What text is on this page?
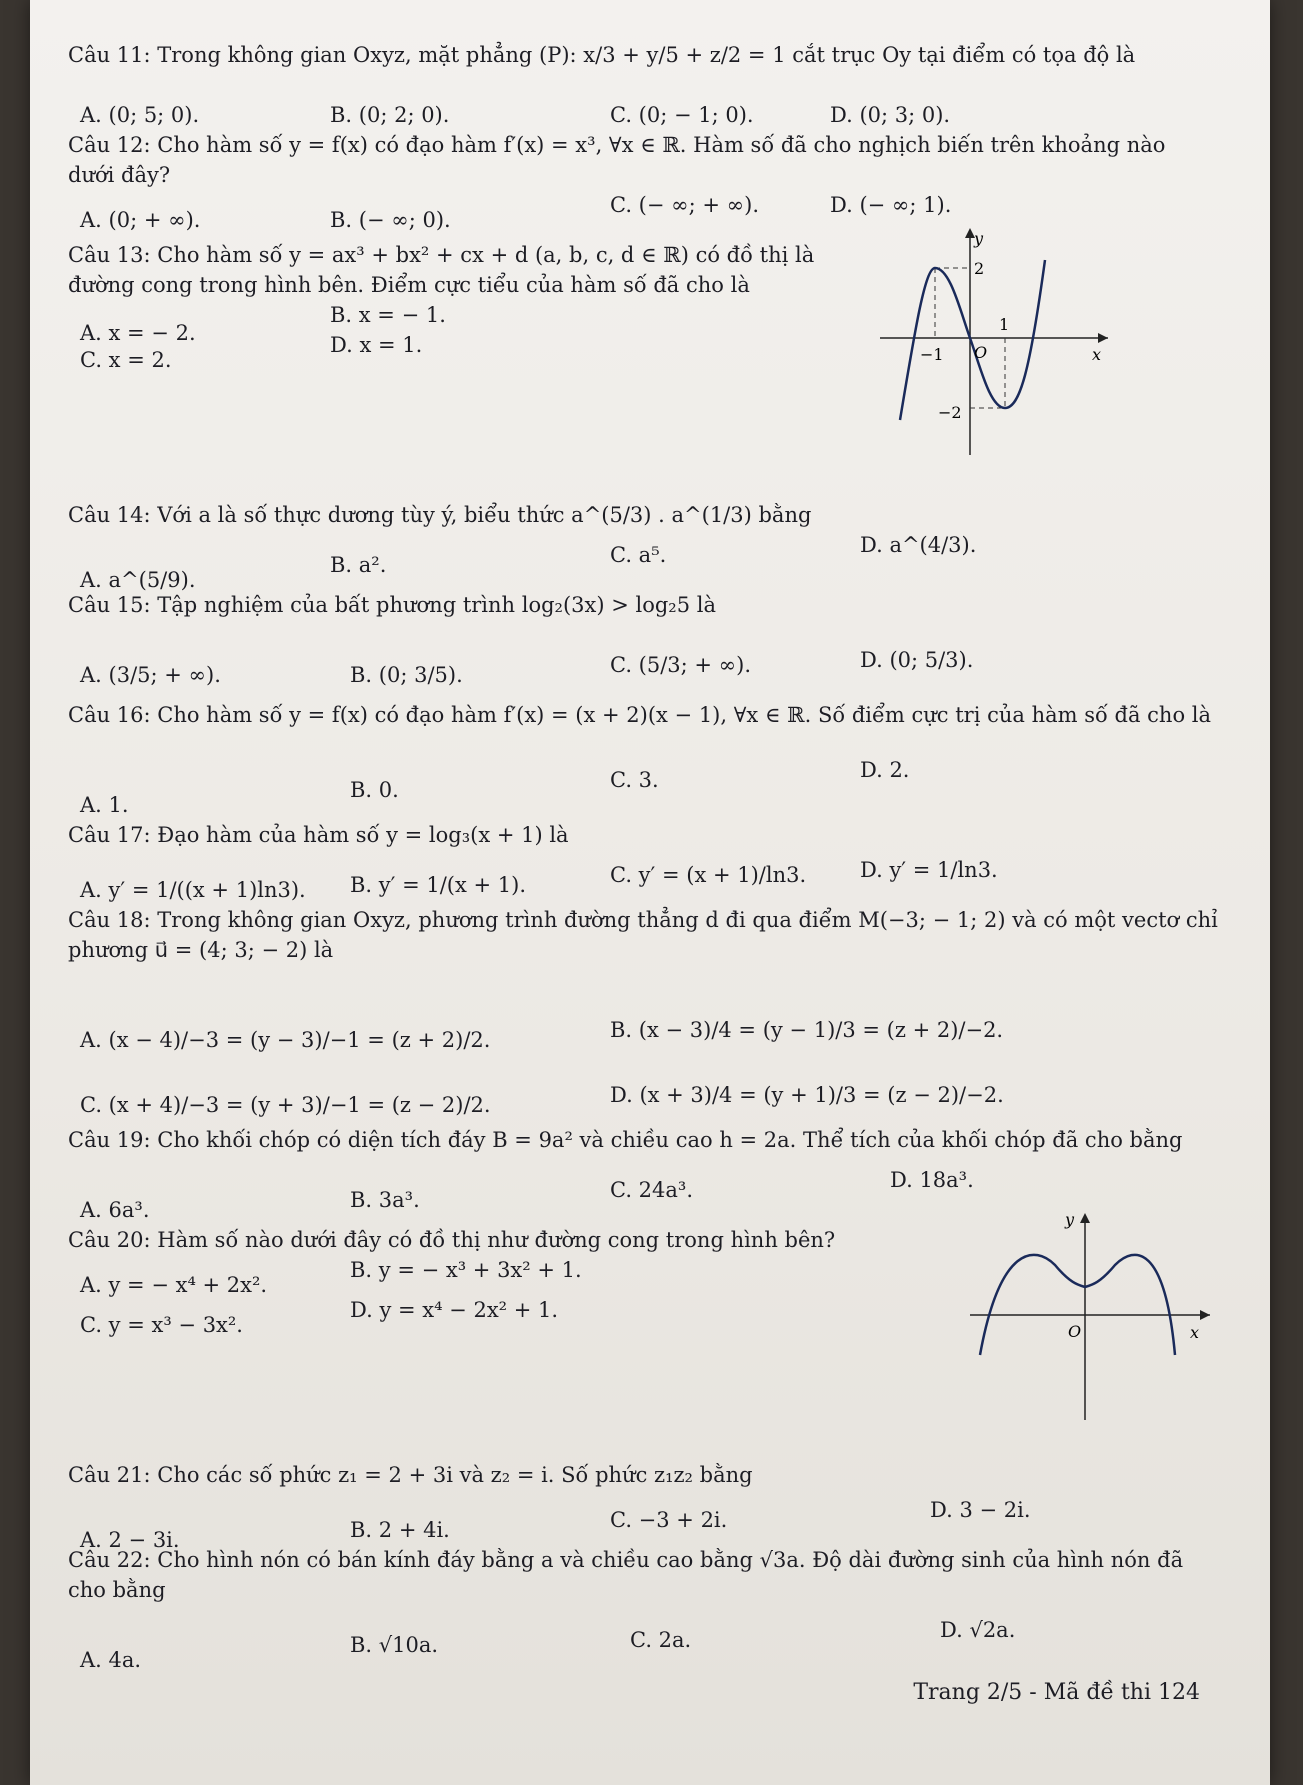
Câu 11: Trong không gian Oxyz, mặt phẳng (P): x/3 + y/5 + z/2 = 1 cắt trục Oy tại điểm có tọa độ là
A. (0; 5; 0).	B. (0; 2; 0).	C. (0; − 1; 0).	D. (0; 3; 0).
Câu 12: Cho hàm số y = f(x) có đạo hàm f′(x) = x³, ∀x ∈ ℝ. Hàm số đã cho nghịch biến trên khoảng nào dưới đây?
A. (0; + ∞).	B. (− ∞; 0).
C. (− ∞; + ∞).	D. (− ∞; 1).
Câu 13: Cho hàm số y = ax³ + bx² + cx + d (a, b, c, d ∈ ℝ) có đồ thị là đường cong trong hình bên. Điểm cực tiểu của hàm số đã cho là
A. x = − 2.
B. x = − 1.
C. x = 2.
D. x = 1.
y
x
O
2
−2
1
−1
Câu 14: Với a là số thực dương tùy ý, biểu thức a^(5/3) . a^(1/3) bằng
A. a^(5/9).
B. a².	C. a⁵.	D. a^(4/3).
Câu 15: Tập nghiệm của bất phương trình log₂(3x) > log₂5 là
A. (3/5; + ∞).	B. (0; 3/5).	C. (5/3; + ∞).	D. (0; 5/3).
Câu 16: Cho hàm số y = f(x) có đạo hàm f′(x) = (x + 2)(x − 1), ∀x ∈ ℝ. Số điểm cực trị của hàm số đã cho là
A. 1.
B. 0.	C. 3.	D. 2.
Câu 17: Đạo hàm của hàm số y = log₃(x + 1) là
A. y′ = 1/((x + 1)ln3). B. y′ = 1/(x + 1).	C. y′ = (x + 1)/ln3.	D. y′ = 1/ln3.
Câu 18: Trong không gian Oxyz, phương trình đường thẳng d đi qua điểm M(−3; − 1; 2) và có một vectơ chỉ phương u⃗ = (4; 3; − 2) là
A. (x − 4)/−3 = (y − 3)/−1 = (z + 2)/2.	B. (x − 3)/4 = (y − 1)/3 = (z + 2)/−2.
C. (x + 4)/−3 = (y + 3)/−1 = (z − 2)/2.	D. (x + 3)/4 = (y + 1)/3 = (z − 2)/−2.
Câu 19: Cho khối chóp có diện tích đáy B = 9a² và chiều cao h = 2a. Thể tích của khối chóp đã cho bằng
A. 6a³.	B. 3a³.	C. 24a³.	D. 18a³.
Câu 20: Hàm số nào dưới đây có đồ thị như đường cong trong hình bên?
A. y = − x⁴ + 2x².
B. y = − x³ + 3x² + 1.
C. y = x³ − 3x².
D. y = x⁴ − 2x² + 1.
y
x
O
Câu 21: Cho các số phức z₁ = 2 + 3i và z₂ = i. Số phức z₁z₂ bằng
A. 2 − 3i.	B. 2 + 4i.	C. −3 + 2i.	D. 3 − 2i.
Câu 22: Cho hình nón có bán kính đáy bằng a và chiều cao bằng √3a. Độ dài đường sinh của hình nón đã cho bằng
A. 4a.
B. √10a.	C. 2a.	D. √2a.
Trang 2/5 - Mã đề thi 124
